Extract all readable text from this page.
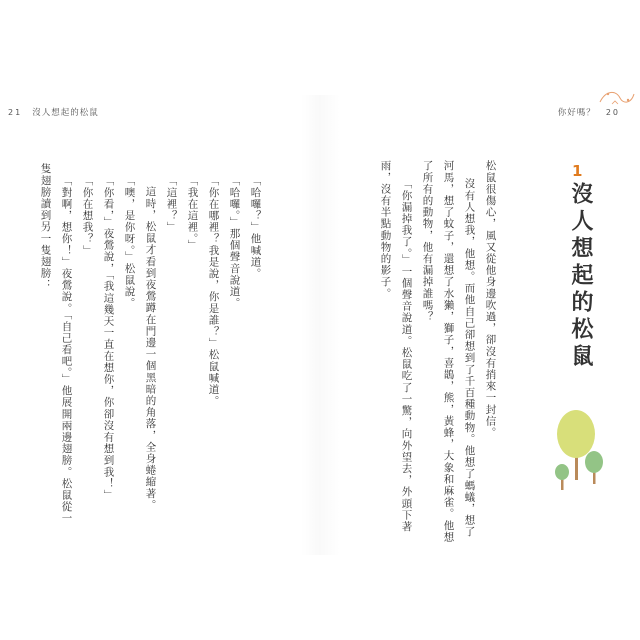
21 沒人想起的松鼠	你好嗎？ 20
1
沒人想起的松鼠
松鼠很傷心，風又從他身邊吹過，卻沒有捎來一封信。
沒有人想我，他想。而他自己卻想到了千百種動物。他想了螞蟻，想了
河馬，想了蚊子，還想了水獺，獅子，喜鵲，熊，黃蜂，大象和麻雀。他想
了所有的動物，他有漏掉誰嗎？
「你漏掉我了。」一個聲音說道。松鼠吃了一驚，向外望去，外頭下著
雨，沒有半點動物的影子。
「哈囉？」他喊道。
「哈囉。」那個聲音說道。
「你在哪裡？我是說，你是誰？」松鼠喊道。
「我在這裡。」
「這裡？」
這時，松鼠才看到夜鶯蹲在門邊一個黑暗的角落，全身蜷縮著。
「噢，是你呀。」松鼠說。
「你看，」夜鶯說，「我這幾天一直在想你，你卻沒有想到我！」
「你在想我？」
「對啊，想你！」夜鶯說。「自己看吧。」他展開兩邊翅膀。松鼠從一
隻翅膀讀到另一隻翅膀：
